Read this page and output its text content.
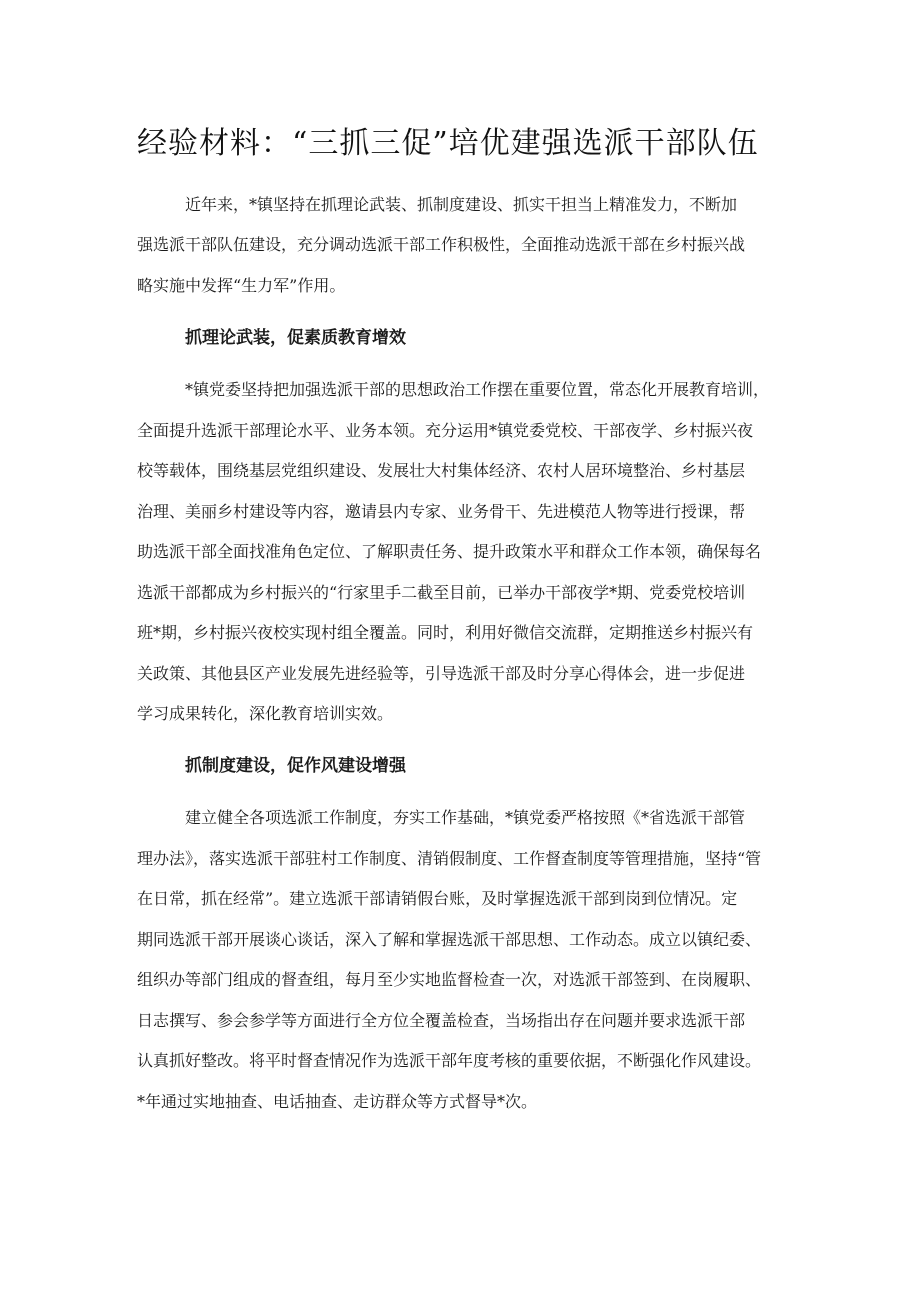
经验材料：“三抓三促”培优建强选派干部队伍

近年来，*镇坚持在抓理论武装、抓制度建设、抓实干担当上精准发力，不断加

强选派干部队伍建设，充分调动选派干部工作积极性，全面推动选派干部在乡村振兴战

略实施中发挥“生力军”作用。

抓理论武装，促素质教育增效

*镇党委坚持把加强选派干部的思想政治工作摆在重要位置，常态化开展教育培训，

全面提升选派干部理论水平、业务本领。充分运用*镇党委党校、干部夜学、乡村振兴夜

校等载体，围绕基层党组织建设、发展壮大村集体经济、农村人居环境整治、乡村基层

治理、美丽乡村建设等内容，邀请县内专家、业务骨干、先进模范人物等进行授课，帮

助选派干部全面找准角色定位、了解职责任务、提升政策水平和群众工作本领，确保每名

选派干部都成为乡村振兴的“行家里手二截至目前，已举办干部夜学*期、党委党校培训

班*期，乡村振兴夜校实现村组全覆盖。同时，利用好微信交流群，定期推送乡村振兴有

关政策、其他县区产业发展先进经验等，引导选派干部及时分享心得体会，进一步促进

学习成果转化，深化教育培训实效。

抓制度建设，促作风建设增强

建立健全各项选派工作制度，夯实工作基础，*镇党委严格按照《*省选派干部管

理办法》，落实选派干部驻村工作制度、清销假制度、工作督查制度等管理措施，坚持“管

在日常，抓在经常”。建立选派干部请销假台账，及时掌握选派干部到岗到位情况。定

期同选派干部开展谈心谈话，深入了解和掌握选派干部思想、工作动态。成立以镇纪委、

组织办等部门组成的督查组，每月至少实地监督检查一次，对选派干部签到、在岗履职、

日志撰写、参会参学等方面进行全方位全覆盖检查，当场指出存在问题并要求选派干部

认真抓好整改。将平时督查情况作为选派干部年度考核的重要依据，不断强化作风建设。

*年通过实地抽查、电话抽查、走访群众等方式督导*次。
